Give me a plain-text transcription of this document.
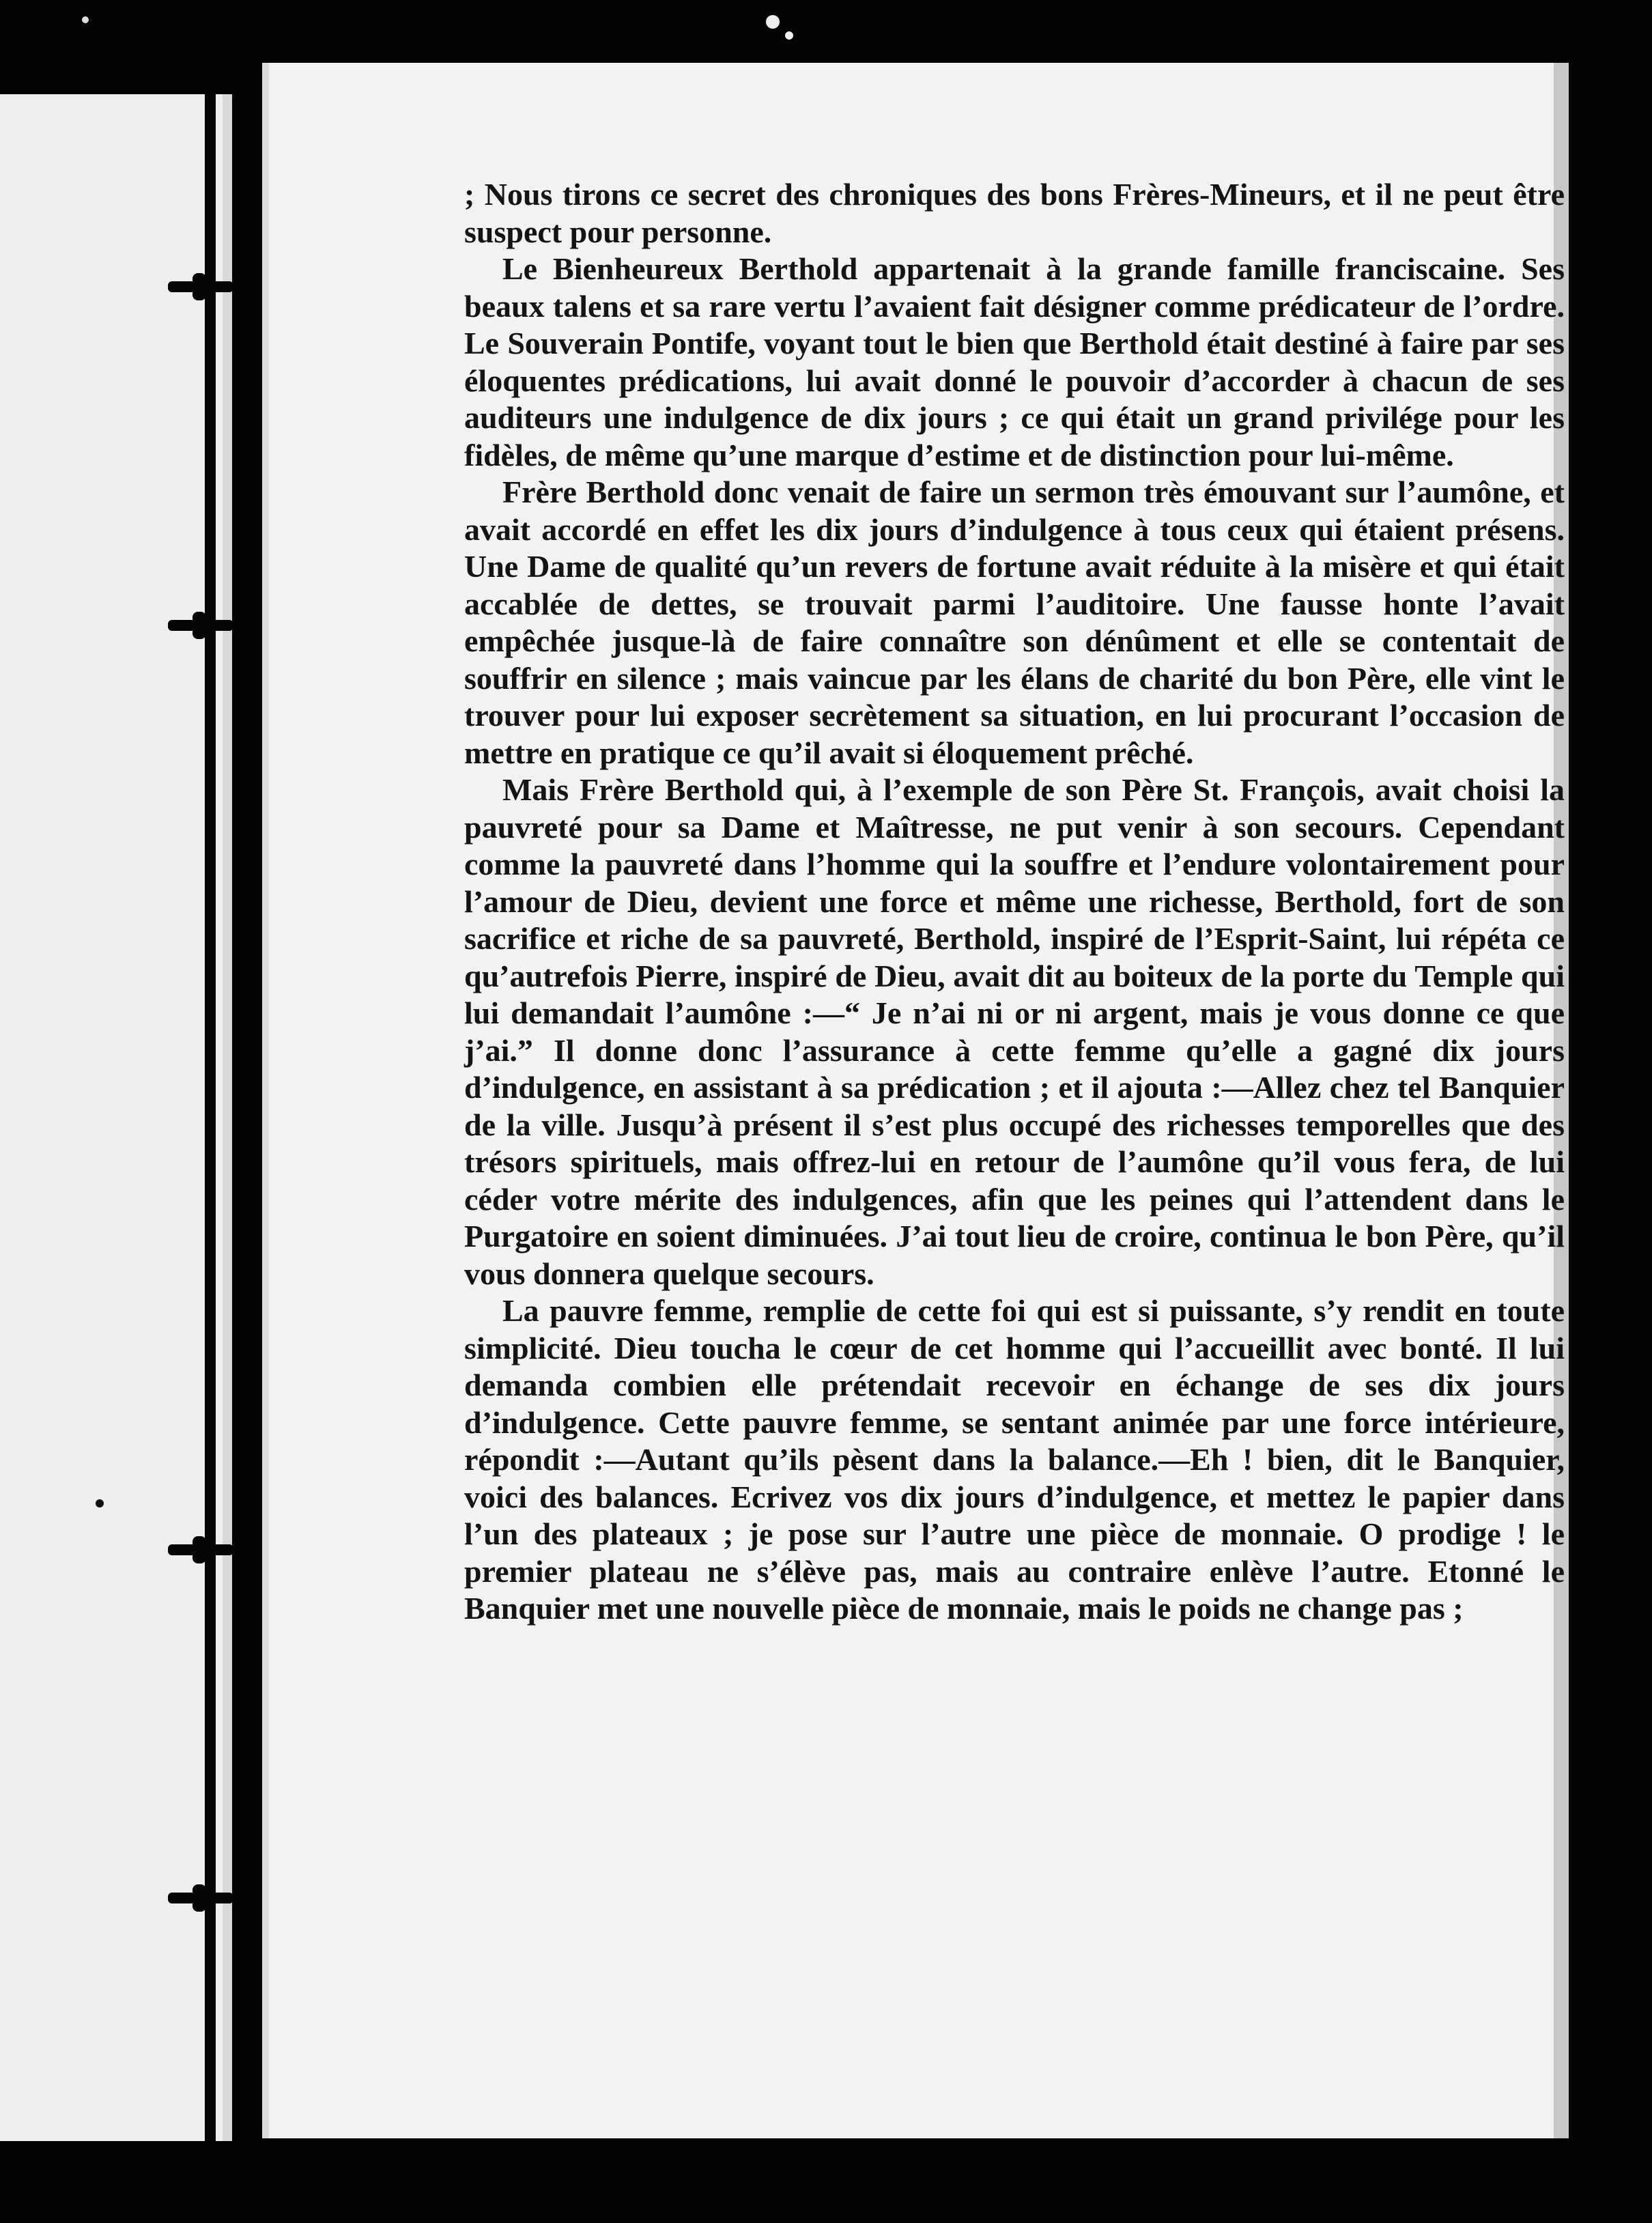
; Nous tirons ce secret des chroniques des bons Frères-Mineurs, et il ne peut être suspect pour personne.

Le Bienheureux Berthold appartenait à la grande famille franciscaine. Ses beaux talens et sa rare vertu l’avaient fait désigner comme prédicateur de l’ordre. Le Souverain Pontife, voyant tout le bien que Berthold était destiné à faire par ses éloquentes prédications, lui avait donné le pouvoir d’accorder à chacun de ses auditeurs une indulgence de dix jours ; ce qui était un grand privilége pour les fidèles, de même qu’une marque d’estime et de distinction pour lui-même.

Frère Berthold donc venait de faire un sermon très émouvant sur l’aumône, et avait accordé en effet les dix jours d’indulgence à tous ceux qui étaient présens. Une Dame de qualité qu’un revers de fortune avait réduite à la misère et qui était accablée de dettes, se trouvait parmi l’auditoire. Une fausse honte l’avait empêchée jusque-là de faire connaître son dénûment et elle se contentait de souffrir en silence ; mais vaincue par les élans de charité du bon Père, elle vint le trouver pour lui exposer secrètement sa situation, en lui procurant l’occasion de mettre en pratique ce qu’il avait si éloquement prêché.

Mais Frère Berthold qui, à l’exemple de son Père St. François, avait choisi la pauvreté pour sa Dame et Maîtresse, ne put venir à son secours. Cependant comme la pauvreté dans l’homme qui la souffre et l’endure volontairement pour l’amour de Dieu, devient une force et même une richesse, Berthold, fort de son sacrifice et riche de sa pauvreté, Berthold, inspiré de l’Esprit-Saint, lui répéta ce qu’autrefois Pierre, inspiré de Dieu, avait dit au boiteux de la porte du Temple qui lui demandait l’aumône :—“ Je n’ai ni or ni argent, mais je vous donne ce que j’ai.” Il donne donc l’assurance à cette femme qu’elle a gagné dix jours d’indulgence, en assistant à sa prédication ; et il ajouta :—Allez chez tel Banquier de la ville. Jusqu’à présent il s’est plus occupé des richesses temporelles que des trésors spirituels, mais offrez-lui en retour de l’aumône qu’il vous fera, de lui céder votre mérite des indulgences, afin que les peines qui l’attendent dans le Purgatoire en soient diminuées. J’ai tout lieu de croire, continua le bon Père, qu’il vous donnera quelque secours.

La pauvre femme, remplie de cette foi qui est si puissante, s’y rendit en toute simplicité. Dieu toucha le cœur de cet homme qui l’accueillit avec bonté. Il lui demanda combien elle prétendait recevoir en échange de ses dix jours d’indulgence. Cette pauvre femme, se sentant animée par une force intérieure, répondit :—Autant qu’ils pèsent dans la balance.—Eh ! bien, dit le Banquier, voici des balances. Ecrivez vos dix jours d’indulgence, et mettez le papier dans l’un des plateaux ; je pose sur l’autre une pièce de monnaie. O prodige ! le premier plateau ne s’élève pas, mais au contraire enlève l’autre. Etonné le Banquier met une nouvelle pièce de monnaie, mais le poids ne change pas ;
